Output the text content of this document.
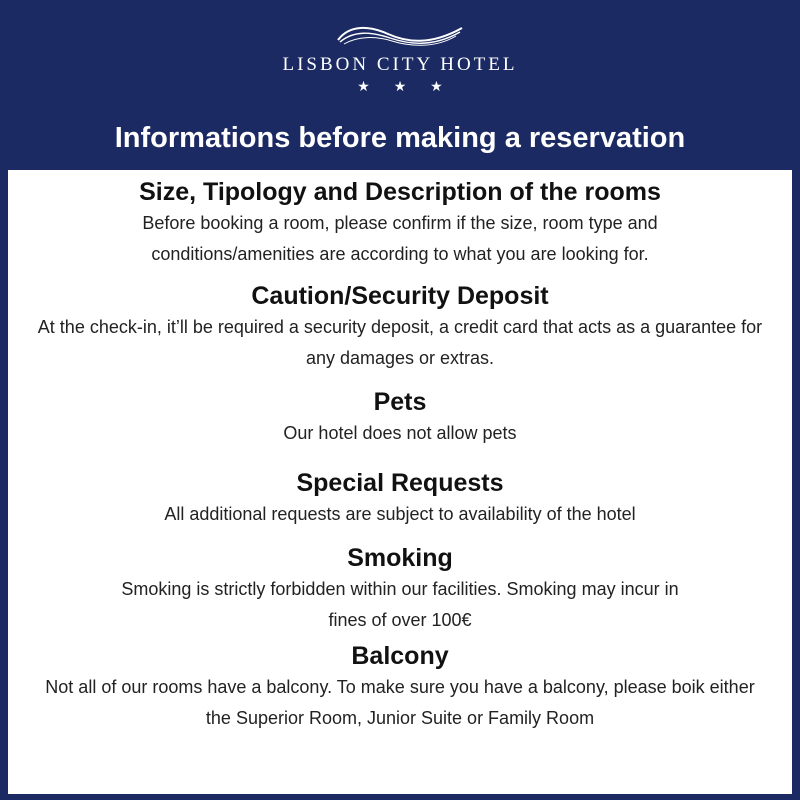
LISBON CITY HOTEL
★ ★ ★
Informations before making a reservation
Size, Tipology and Description of the rooms

Before booking a room, please confirm if the size, room type and conditions/amenities are according to what you are looking for.

Caution/Security Deposit

At the check-in, it’ll be required a security deposit, a credit card that acts as a guarantee for any damages or extras.

Pets

Our hotel does not allow pets

Special Requests

All additional requests are subject to availability of the hotel

Smoking

Smoking is strictly forbidden within our facilities. Smoking may incur in fines of over 100€

Balcony

Not all of our rooms have a balcony. To make sure you have a balcony, please boik either the Superior Room, Junior Suite or Family Room
